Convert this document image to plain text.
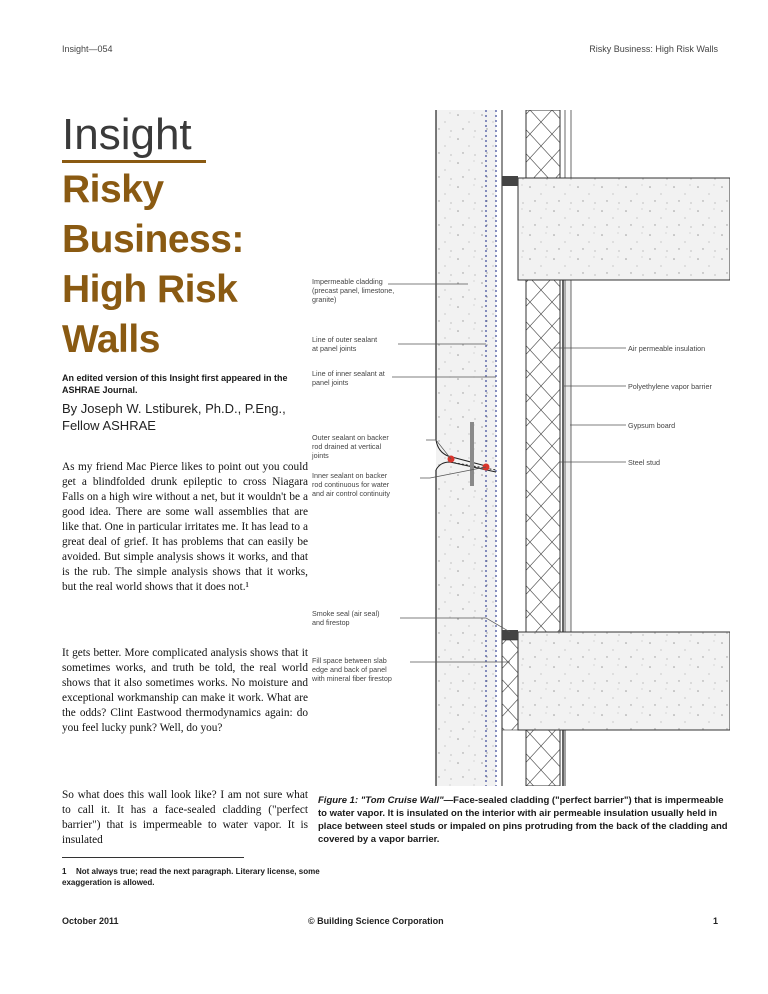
Insight—054	Risky Business: High Risk Walls
Insight
Risky
Business:
High Risk
Walls
An edited version of this Insight first appeared in the ASHRAE Journal.
By Joseph W. Lstiburek, Ph.D., P.Eng., Fellow ASHRAE
As my friend Mac Pierce likes to point out you could get a blindfolded drunk epileptic to cross Niagara Falls on a high wire without a net, but it wouldn't be a good idea. There are some wall assemblies that are like that. One in particular irritates me. It has lead to a great deal of grief. It has problems that can easily be avoided. But simple analysis shows it works, and that is the rub. The simple analysis shows that it works, but the real world shows that it does not.¹
It gets better. More complicated analysis shows that it sometimes works, and truth be told, the real world shows that it also sometimes works. No moisture and exceptional workmanship can make it work. What are the odds? Clint Eastwood thermodynamics again: do you feel lucky punk? Well, do you?
So what does this wall look like? I am not sure what to call it. It has a face-sealed cladding ("perfect barrier") that is impermeable to water vapor. It is insulated
1 Not always true; read the next paragraph. Literary license, some exaggeration is allowed.
Impermeable cladding (precast panel, limestone, granite)
Line of outer sealant at panel joints
Line of inner sealant at panel joints
Outer sealant on backer rod drained at vertical joints
Inner sealant on backer rod continuous for water and air control continuity
Smoke seal (air seal) and firestop
Fill space between slab edge and back of panel with mineral fiber firestop
Air permeable insulation
Polyethylene vapor barrier
Gypsum board
Steel stud
Figure 1: "Tom Cruise Wall"—Face-sealed cladding ("perfect barrier") that is impermeable to water vapor. It is insulated on the interior with air permeable insulation usually held in place between steel studs or impaled on pins protruding from the back of the cladding and covered by a vapor barrier.
October 2011	© Building Science Corporation	1
